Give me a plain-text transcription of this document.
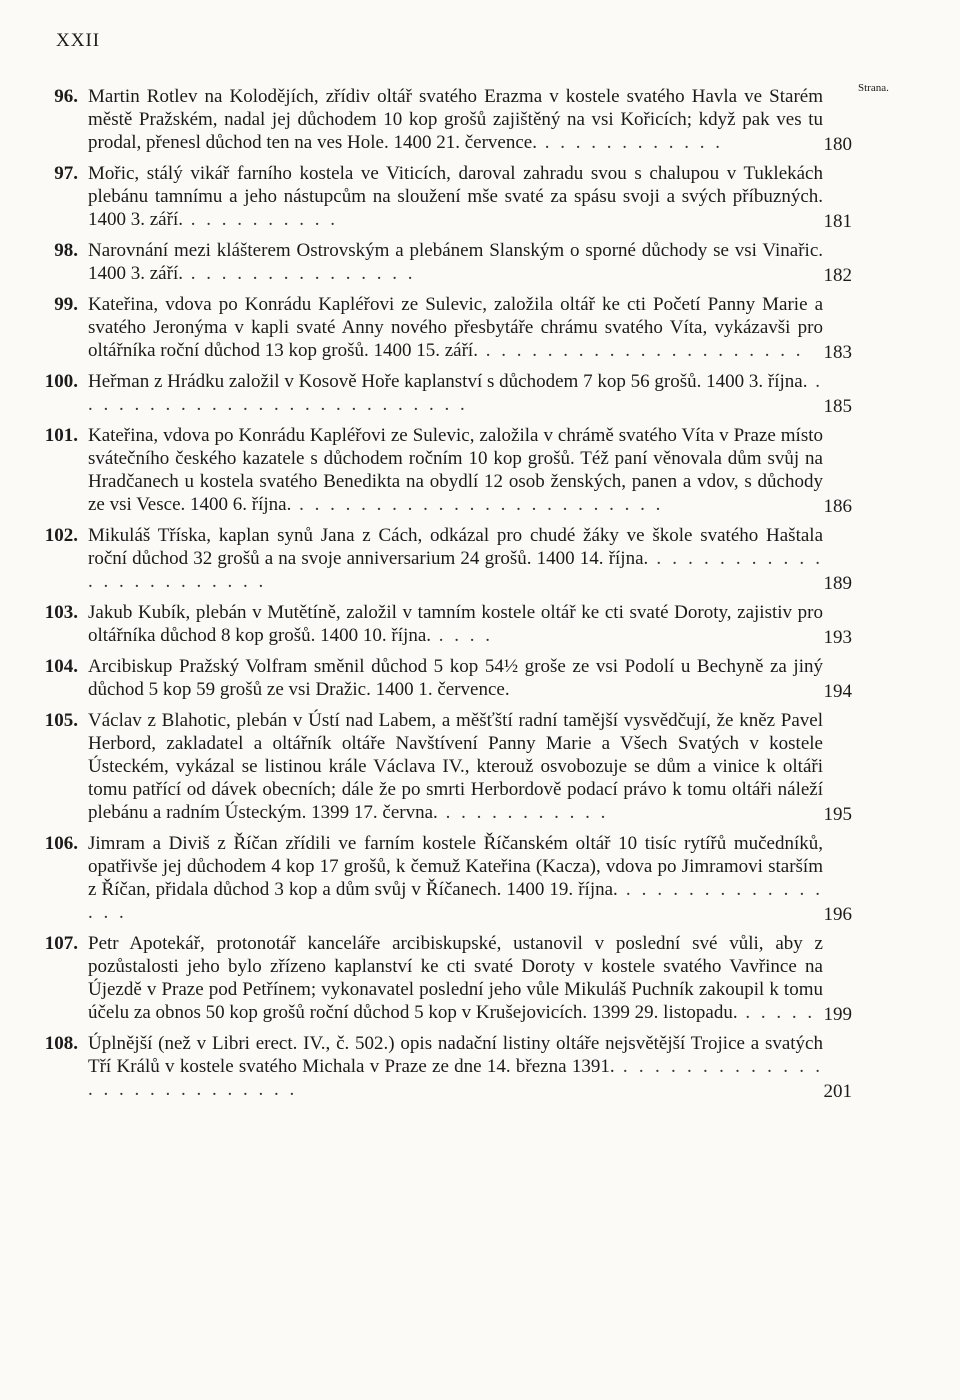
XXII
Strana.
96. Martin Rotlev na Kolodějích, zřídiv oltář svatého Erazma v kostele svatého Havla ve Starém městě Pražském, nadal jej důchodem 10 kop grošů zajištěný na vsi Kořicích; když pak ves tu prodal, přenesl důchod ten na ves Hole. 1400 21. července. . . . . . . . . . . . .	180
97. Mořic, stálý vikář farního kostela ve Viticích, daroval zahradu svou s chalupou v Tuklekách plebánu tamnímu a jeho nástupcům na sloužení mše svaté za spásu svoji a svých příbuzných. 1400 3. září. . . . . . . . . . .	181
98. Narovnání mezi klášterem Ostrovským a plebánem Slanským o sporné důchody se vsi Vinařic. 1400 3. září. . . . . . . . . . . . . . . .	182
99. Kateřina, vdova po Konrádu Kapléřovi ze Sulevic, založila oltář ke cti Početí Panny Marie a svatého Jeronýma v kapli svaté Anny nového přesbytáře chrámu svatého Víta, vykázavši pro oltářníka roční důchod 13 kop grošů. 1400 15. září. . . . . . . . . . . . . . . . . . . . . .	183
100. Heřman z Hrádku založil v Kosově Hoře kaplanství s důchodem 7 kop 56 grošů. 1400 3. října. . . . . . . . . . . . . . . . . . . . . . . . . . .	185
101. Kateřina, vdova po Konrádu Kapléřovi ze Sulevic, založila v chrámě svatého Víta v Praze místo svátečního českého kazatele s důchodem ročním 10 kop grošů. Též paní věnovala dům svůj na Hradčanech u kostela svatého Benedikta na obydlí 12 osob ženských, panen a vdov, s důchody ze vsi Vesce. 1400 6. října. . . . . . . . . . . . . . . . . . . . . . . . .	186
102. Mikuláš Tříska, kaplan synů Jana z Cách, odkázal pro chudé žáky ve škole svatého Haštala roční důchod 32 grošů a na svoje anniversarium 24 grošů. 1400 14. října. . . . . . . . . . . . . . . . . . . . . . . .	189
103. Jakub Kubík, plebán v Mutětíně, založil v tamním kostele oltář ke cti svaté Doroty, zajistiv pro oltářníka důchod 8 kop grošů. 1400 10. října. . . . .	193
104. Arcibiskup Pražský Volfram směnil důchod 5 kop 54½ groše ze vsi Podolí u Bechyně za jiný důchod 5 kop 59 grošů ze vsi Dražic. 1400 1. července.	194
105. Václav z Blahotic, plebán v Ústí nad Labem, a měšťští radní tamější vysvědčují, že kněz Pavel Herbord, zakladatel a oltářník oltáře Navštívení Panny Marie a Všech Svatých v kostele Ústeckém, vykázal se listinou krále Václava IV., kterouž osvobozuje se dům a vinice k oltáři tomu patřící od dávek obecních; dále že po smrti Herbordově podací právo k tomu oltáři náleží plebánu a radním Ústeckým. 1399 17. června. . . . . . . . . . . .	195
106. Jimram a Diviš z Říčan zřídili ve farním kostele Říčanském oltář 10 tisíc rytířů mučedníků, opatřivše jej důchodem 4 kop 17 grošů, k čemuž Kateřina (Kacza), vdova po Jimramovi starším z Říčan, přidala důchod 3 kop a dům svůj v Říčanech. 1400 19. října. . . . . . . . . . . . . . . . .	196
107. Petr Apotekář, protonotář kanceláře arcibiskupské, ustanovil v poslední své vůli, aby z pozůstalosti jeho bylo zřízeno kaplanství ke cti svaté Doroty v kostele svatého Vavřince na Újezdě v Praze pod Petřínem; vykonavatel poslední jeho vůle Mikuláš Puchník zakoupil k tomu účelu za obnos 50 kop grošů roční důchod 5 kop v Krušejovicích. 1399 29. listopadu. . . . . . 199
108. Úplnější (než v Libri erect. IV., č. 502.) opis nadační listiny oltáře nejsvětější Trojice a svatých Tří Králů v kostele svatého Michala v Praze ze dne 14. března 1391. . . . . . . . . . . . . . . . . . . . . . . . . . . .	201
